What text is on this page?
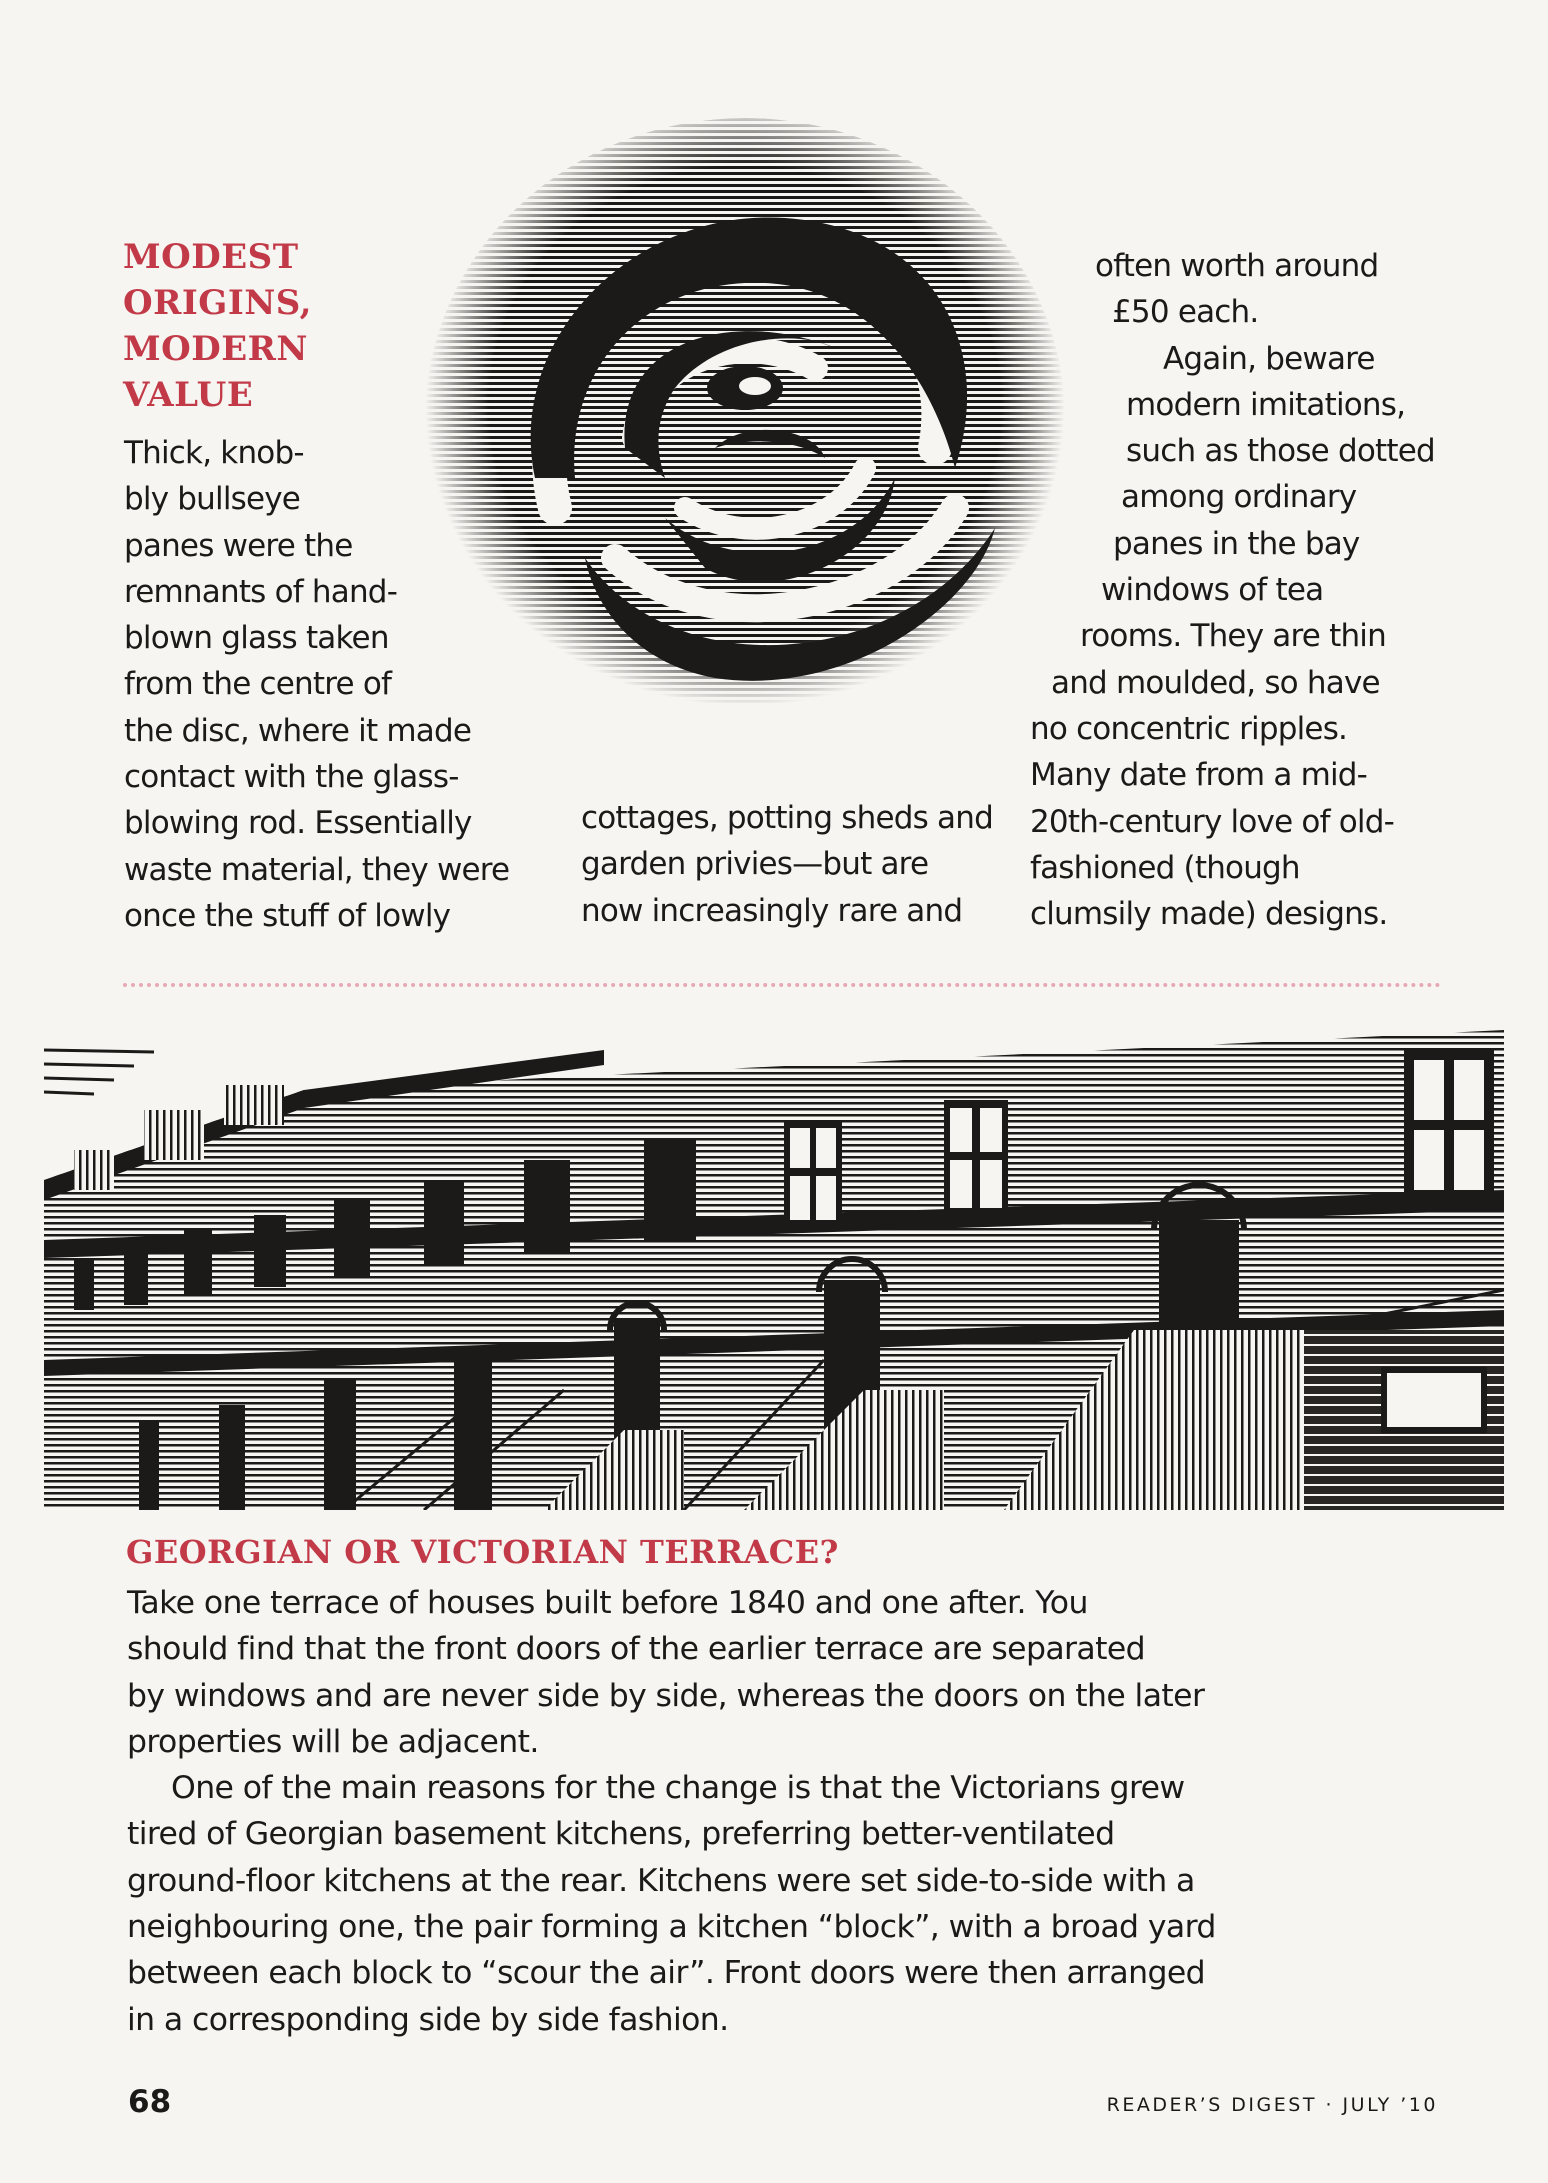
MODEST
ORIGINS,
MODERN
VALUE

Thick, knob-
bly bullseye
panes were the
remnants of hand-
blown glass taken
from the centre of
the disc, where it made
contact with the glass-
blowing rod. Essentially
waste material, they were
once the stuff of lowly

cottages, potting sheds and
garden privies—but are
now increasingly rare and

often worth around
£50 each.
Again, beware
modern imitations,
such as those dotted
among ordinary
panes in the bay
windows of tea
rooms. They are thin
and moulded, so have
no concentric ripples.
Many date from a mid-
20th-century love of old-
fashioned (though
clumsily made) designs.

GEORGIAN OR VICTORIAN TERRACE?
Take one terrace of houses built before 1840 and one after. You
should find that the front doors of the earlier terrace are separated
by windows and are never side by side, whereas the doors on the later
properties will be adjacent.
One of the main reasons for the change is that the Victorians grew
tired of Georgian basement kitchens, preferring better-ventilated
ground-floor kitchens at the rear. Kitchens were set side-to-side with a
neighbouring one, the pair forming a kitchen “block”, with a broad yard
between each block to “scour the air”. Front doors were then arranged
in a corresponding side by side fashion.

68	READER’S DIGEST · JULY ’10
